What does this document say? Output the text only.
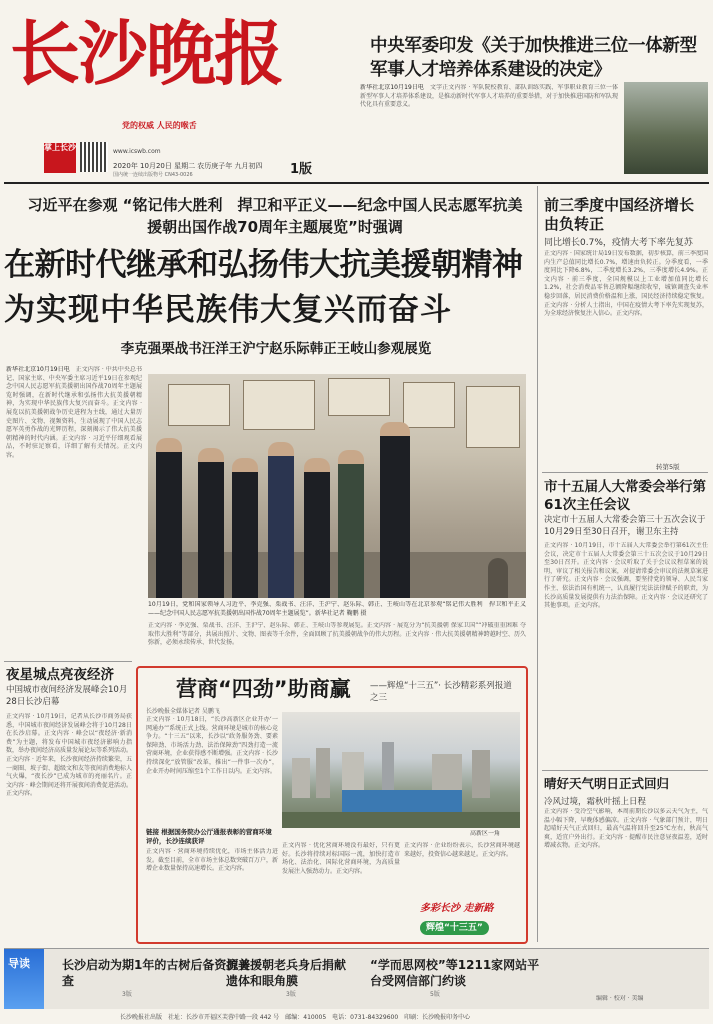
长沙晚报
党的权威 人民的喉舌
掌上长沙	www.icswb.com
2020年 10月20日 星期二 农历庚子年 九月初四
国内统一连续出版物号 CN43-0026	1版
中央军委印发《关于加快推进三位一体新型军事人才培养体系建设的决定》
新华社北京10月19日电　文字正文内容 · 军队院校教育、部队训练实践、军事职业教育三位一体新型军事人才培养体系建设，是推动新时代军事人才培养的重要举措，对于加快推进国防和军队现代化具有重要意义。
习近平在参观 “铭记伟大胜利　捍卫和平正义——纪念中国人民志愿军抗美援朝出国作战70周年主题展览”时强调
在新时代继承和弘扬伟大抗美援朝精神
为实现中华民族伟大复兴而奋斗
李克强栗战书汪洋王沪宁赵乐际韩正王岐山参观展览
新华社北京10月19日电　正文内容 · 中共中央总书记、国家主席、中央军委主席习近平19日在参观纪念中国人民志愿军抗美援朝出国作战70周年主题展览时强调，在新时代继承和弘扬伟大抗美援朝精神，为实现中华民族伟大复兴而奋斗。正文内容 · 展览以抗美援朝战争历史进程为主线，通过大量历史图片、文物、视频资料，生动展现了中国人民志愿军英勇作战的光辉历程，深刻揭示了伟大抗美援朝精神的时代内涵。正文内容 · 习近平仔细观看展品，不时驻足察看，详细了解有关情况。正文内容。
10月19日，党和国家领导人习近平、李克强、栗战书、汪洋、王沪宁、赵乐际、韩正、王岐山等在北京参观“铭记伟大胜利　捍卫和平正义——纪念中国人民志愿军抗美援朝出国作战70周年主题展览”。新华社记者 鞠鹏 摄
正文内容 · 李克强、栗战书、汪洋、王沪宁、赵乐际、韩正、王岐山等参观展览。正文内容 · 展览分为“抗美援朝 保家卫国”“冲破重重困难 夺取伟大胜利”等部分，共展出照片、文物、图表等千余件，全面回顾了抗美援朝战争的伟大历程。正文内容 · 伟大抗美援朝精神跨越时空、历久弥新，必须永续传承、世代发扬。
前三季度中国经济增长由负转正
同比增长0.7%，疫情大考下率先复苏
正文内容 · 国家统计局19日发布数据，初步核算，前三季度国内生产总值同比增长0.7%，增速由负转正。分季度看，一季度同比下降6.8%，二季度增长3.2%，三季度增长4.9%。正文内容 · 前三季度，全国规模以上工业增加值同比增长1.2%，社会消费品零售总额降幅继续收窄，城镇调查失业率稳步回落，居民消费价格温和上涨，国民经济持续稳定恢复。正文内容 · 分析人士指出，中国在疫情大考下率先实现复苏，为全球经济恢复注入信心。正文内容。
转第5版
市十五届人大常委会举行第61次主任会议
决定市十五届人大常委会第三十五次会议于10月29日至30日召开，谢卫东主持
正文内容 · 10月19日，市十五届人大常委会举行第61次主任会议，决定市十五届人大常委会第三十五次会议于10月29日至30日召开。正文内容 · 会议听取了关于会议议程草案的说明，审议了相关报告和议案，对提请常委会审议的法规草案进行了研究。正文内容 · 会议强调，要坚持党的领导、人民当家作主、依法治国有机统一，认真履行宪法法律赋予的职责，为长沙高质量发展提供有力法治保障。正文内容 · 会议还研究了其他事项。正文内容。
晴好天气明日正式回归
冷风过境，霜秋叶摇上日程
正文内容 · 受冷空气影响，本周前期长沙以多云天气为主，气温小幅下降，早晚体感偏凉。正文内容 · 气象部门预计，明日起晴好天气正式回归，最高气温将回升至25℃左右，秋高气爽，适宜户外出行。正文内容 · 提醒市民注意昼夜温差，适时增减衣物。正文内容。
夜星城点亮夜经济
中国城市夜间经济发展峰会10月28日长沙启幕
正文内容 · 10月19日，记者从长沙市商务局获悉，中国城市夜间经济发展峰会将于10月28日在长沙启幕。正文内容 · 峰会以“夜经济·新消费”为主题，将发布中国城市夜经济影响力指数，举办夜间经济高质量发展论坛等系列活动。正文内容 · 近年来，长沙夜间经济持续繁荣，五一商圈、坡子街、超级文和友等夜间消费地标人气火爆，“夜长沙”已成为城市的亮丽名片。正文内容 · 峰会期间还将开展夜间消费促进活动。正文内容。
营商“四劲”助商赢 ——辉煌“十三五”· 长沙精彩系列报道之三
长沙晚报全媒体记者 吴鹏飞
正文内容 · 10月18日，“长沙高新区企业开办‘一网通办’”系统正式上线。营商环境是城市的核心竞争力。“十三五”以来，长沙以“政务服务劲、要素保障劲、市场活力劲、法治保障劲”四劲打造一流营商环境，企业获得感不断增强。正文内容 · 长沙持续深化“放管服”改革，推出“一件事一次办”，企业开办时间压缩至1个工作日以内。正文内容。
链接 根据国务院办公厅通报表彰的营商环境评价，长沙连续获评
正文内容 · 营商环境持续优化，市场主体活力迸发。截至目前，全市市场主体总数突破百万户，新增企业数量保持高速增长。正文内容。
高新区一角
正文内容 · 优化营商环境没有最好，只有更好。长沙将持续对标国际一流，加快打造市场化、法治化、国际化营商环境，为高质量发展注入强劲动力。正文内容。
正文内容 · 企业纷纷表示，长沙营商环境越来越好，投资信心越来越足。正文内容。
多彩长沙 走新路
辉煌“十三五”
导读	长沙启动为期1年的古树后备资源普查
3版
抗美援朝老兵身后捐献遗体和眼角膜
3版
“学而思网校”等1211家网站平台受网信部门约谈
5版
编辑 · 校对 · 美编
长沙晚报社出版　社址：长沙市开福区芙蓉中路一段 442 号　邮编：410005　电话：0731-84329600　印刷：长沙晚报印务中心
